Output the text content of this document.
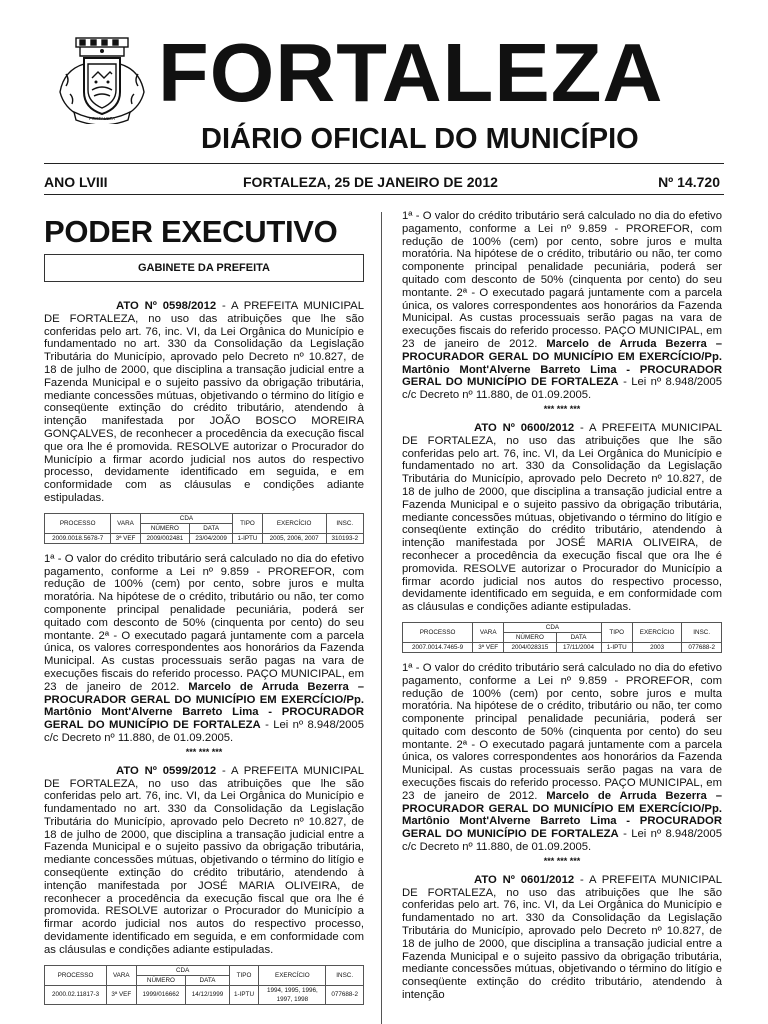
FORTALEZA FORTALEZA
DIÁRIO OFICIAL DO MUNICÍPIO
ANO LVIII	FORTALEZA, 25 DE JANEIRO DE 2012	Nº 14.720
PODER EXECUTIVO
GABINETE DA PREFEITA

ATO Nº 0598/2012 - A PREFEITA MUNICIPAL DE FORTALEZA, no uso das atribuições que lhe são conferidas pelo art. 76, inc. VI, da Lei Orgânica do Município e fundamentado no art. 330 da Consolidação da Legislação Tributária do Município, aprovado pelo Decreto nº 10.827, de 18 de julho de 2000, que disciplina a transação judicial entre a Fazenda Municipal e o sujeito passivo da obrigação tributária, mediante concessões mútuas, objetivando o término do litígio e conseqüente extinção do crédito tributário, atendendo à intenção manifestada por JOÃO BOSCO MOREIRA GONÇALVES, de reconhecer a procedência da execução fiscal que ora lhe é promovida. RESOLVE autorizar o Procurador do Município a firmar acordo judicial nos autos do respectivo processo, devidamente identificado em seguida, e em conformidade com as cláusulas e condições adiante estipuladas.

PROCESSO	VARA	CDA		TIPO	EXERCÍCIO	INSC.
		NÚMERO	DATA			
2009.0018.5678-7	3ª VEF	2009/002481	23/04/2009	1-IPTU	2005, 2006, 2007	310193-2

1ª - O valor do crédito tributário será calculado no dia do efetivo pagamento, conforme a Lei nº 9.859 - PROREFOR, com redução de 100% (cem) por cento, sobre juros e multa moratória. Na hipótese de o crédito, tributário ou não, ter como componente principal penalidade pecuniária, poderá ser quitado com desconto de 50% (cinquenta por cento) do seu montante. 2ª - O executado pagará juntamente com a parcela única, os valores correspondentes aos honorários da Fazenda Municipal. As custas processuais serão pagas na vara de execuções fiscais do referido processo. PAÇO MUNICIPAL, em 23 de janeiro de 2012. Marcelo de Arruda Bezerra – PROCURADOR GERAL DO MUNICÍPIO EM EXERCÍCIO/Pp. Martônio Mont'Alverne Barreto Lima - PROCURADOR GERAL DO MUNICÍPIO DE FORTALEZA - Lei nº 8.948/2005 c/c Decreto nº 11.880, de 01.09.2005.

*** *** ***

ATO Nº 0599/2012 - A PREFEITA MUNICIPAL DE FORTALEZA, no uso das atribuições que lhe são conferidas pelo art. 76, inc. VI, da Lei Orgânica do Município e fundamentado no art. 330 da Consolidação da Legislação Tributária do Município, aprovado pelo Decreto nº 10.827, de 18 de julho de 2000, que disciplina a transação judicial entre a Fazenda Municipal e o sujeito passivo da obrigação tributária, mediante concessões mútuas, objetivando o término do litígio e conseqüente extinção do crédito tributário, atendendo à intenção manifestada por JOSÉ MARIA OLIVEIRA, de reconhecer a procedência da execução fiscal que ora lhe é promovida. RESOLVE autorizar o Procurador do Município a firmar acordo judicial nos autos do respectivo processo, devidamente identificado em seguida, e em conformidade com as cláusulas e condições adiante estipuladas.

PROCESSO	VARA	CDA		TIPO	EXERCÍCIO	INSC.
		NÚMERO	DATA			
2000.02.11817-3	3ª VEF	1999/016662	14/12/1999	1-IPTU	1994, 1995, 1996, 1997, 1998	077688-2

1ª - O valor do crédito tributário será calculado no dia do efetivo pagamento, conforme a Lei nº 9.859 - PROREFOR, com redução de 100% (cem) por cento, sobre juros e multa moratória. Na hipótese de o crédito, tributário ou não, ter como componente principal penalidade pecuniária, poderá ser quitado com desconto de 50% (cinquenta por cento) do seu montante. 2ª - O executado pagará juntamente com a parcela única, os valores correspondentes aos honorários da Fazenda Municipal. As custas processuais serão pagas na vara de execuções fiscais do referido processo. PAÇO MUNICIPAL, em 23 de janeiro de 2012. Marcelo de Arruda Bezerra – PROCURADOR GERAL DO MUNICÍPIO EM EXERCÍCIO/Pp. Martônio Mont'Alverne Barreto Lima - PROCURADOR GERAL DO MUNICÍPIO DE FORTALEZA - Lei nº 8.948/2005 c/c Decreto nº 11.880, de 01.09.2005.

*** *** ***

ATO Nº 0600/2012 - A PREFEITA MUNICIPAL DE FORTALEZA, no uso das atribuições que lhe são conferidas pelo art. 76, inc. VI, da Lei Orgânica do Município e fundamentado no art. 330 da Consolidação da Legislação Tributária do Município, aprovado pelo Decreto nº 10.827, de 18 de julho de 2000, que disciplina a transação judicial entre a Fazenda Municipal e o sujeito passivo da obrigação tributária, mediante concessões mútuas, objetivando o término do litígio e conseqüente extinção do crédito tributário, atendendo à intenção manifestada por JOSÉ MARIA OLIVEIRA, de reconhecer a procedência da execução fiscal que ora lhe é promovida. RESOLVE autorizar o Procurador do Município a firmar acordo judicial nos autos do respectivo processo, devidamente identificado em seguida, e em conformidade com as cláusulas e condições adiante estipuladas.

PROCESSO	VARA	CDA		TIPO	EXERCÍCIO	INSC.
		NÚMERO	DATA			
2007.0014.7465-9	3ª VEF	2004/028315	17/11/2004	1-IPTU	2003	077688-2

1ª - O valor do crédito tributário será calculado no dia do efetivo pagamento, conforme a Lei nº 9.859 - PROREFOR, com redução de 100% (cem) por cento, sobre juros e multa moratória. Na hipótese de o crédito, tributário ou não, ter como componente principal penalidade pecuniária, poderá ser quitado com desconto de 50% (cinquenta por cento) do seu montante. 2ª - O executado pagará juntamente com a parcela única, os valores correspondentes aos honorários da Fazenda Municipal. As custas processuais serão pagas na vara de execuções fiscais do referido processo. PAÇO MUNICIPAL, em 23 de janeiro de 2012. Marcelo de Arruda Bezerra – PROCURADOR GERAL DO MUNICÍPIO EM EXERCÍCIO/Pp. Martônio Mont'Alverne Barreto Lima - PROCURADOR GERAL DO MUNICÍPIO DE FORTALEZA - Lei nº 8.948/2005 c/c Decreto nº 11.880, de 01.09.2005.

*** *** ***

ATO Nº 0601/2012 - A PREFEITA MUNICIPAL DE FORTALEZA, no uso das atribuições que lhe são conferidas pelo art. 76, inc. VI, da Lei Orgânica do Município e fundamentado no art. 330 da Consolidação da Legislação Tributária do Município, aprovado pelo Decreto nº 10.827, de 18 de julho de 2000, que disciplina a transação judicial entre a Fazenda Municipal e o sujeito passivo da obrigação tributária, mediante concessões mútuas, objetivando o término do litígio e conseqüente extinção do crédito tributário, atendendo à intenção
